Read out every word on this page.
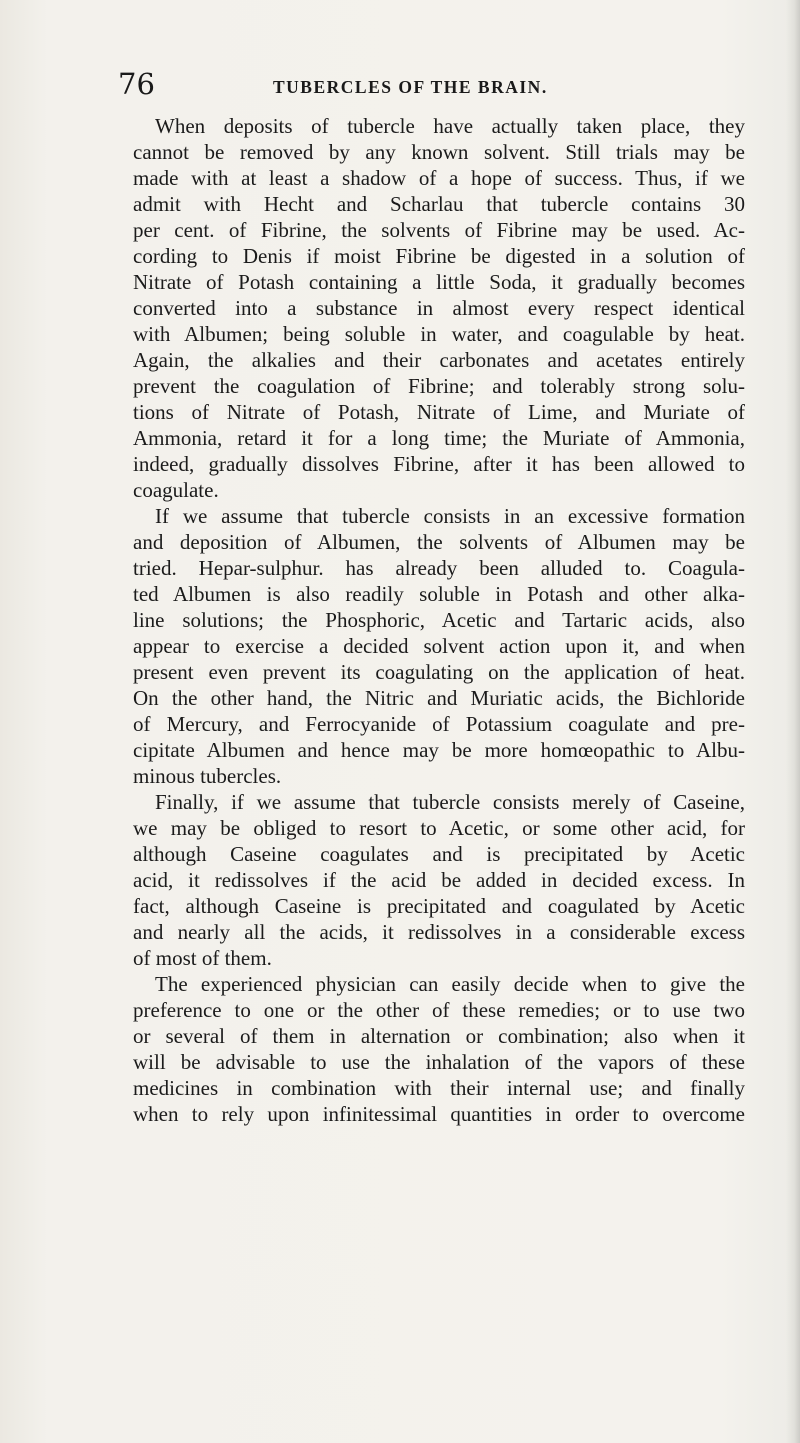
76	TUBERCLES OF THE BRAIN.
When deposits of tubercle have actually taken place, they
cannot be removed by any known solvent. Still trials may be
made with at least a shadow of a hope of success. Thus, if we
admit with Hecht and Scharlau that tubercle contains 30
per cent. of Fibrine, the solvents of Fibrine may be used. Ac-
cording to Denis if moist Fibrine be digested in a solution of
Nitrate of Potash containing a little Soda, it gradually becomes
converted into a substance in almost every respect identical
with Albumen; being soluble in water, and coagulable by heat.
Again, the alkalies and their carbonates and acetates entirely
prevent the coagulation of Fibrine; and tolerably strong solu-
tions of Nitrate of Potash, Nitrate of Lime, and Muriate of
Ammonia, retard it for a long time; the Muriate of Ammonia,
indeed, gradually dissolves Fibrine, after it has been allowed to
coagulate.
If we assume that tubercle consists in an excessive formation
and deposition of Albumen, the solvents of Albumen may be
tried. Hepar-sulphur. has already been alluded to. Coagula-
ted Albumen is also readily soluble in Potash and other alka-
line solutions; the Phosphoric, Acetic and Tartaric acids, also
appear to exercise a decided solvent action upon it, and when
present even prevent its coagulating on the application of heat.
On the other hand, the Nitric and Muriatic acids, the Bichloride
of Mercury, and Ferrocyanide of Potassium coagulate and pre-
cipitate Albumen and hence may be more homœopathic to Albu-
minous tubercles.
Finally, if we assume that tubercle consists merely of Caseine,
we may be obliged to resort to Acetic, or some other acid, for
although Caseine coagulates and is precipitated by Acetic
acid, it redissolves if the acid be added in decided excess. In
fact, although Caseine is precipitated and coagulated by Acetic
and nearly all the acids, it redissolves in a considerable excess
of most of them.
The experienced physician can easily decide when to give the
preference to one or the other of these remedies; or to use two
or several of them in alternation or combination; also when it
will be advisable to use the inhalation of the vapors of these
medicines in combination with their internal use; and finally
when to rely upon infinitessimal quantities in order to overcome
